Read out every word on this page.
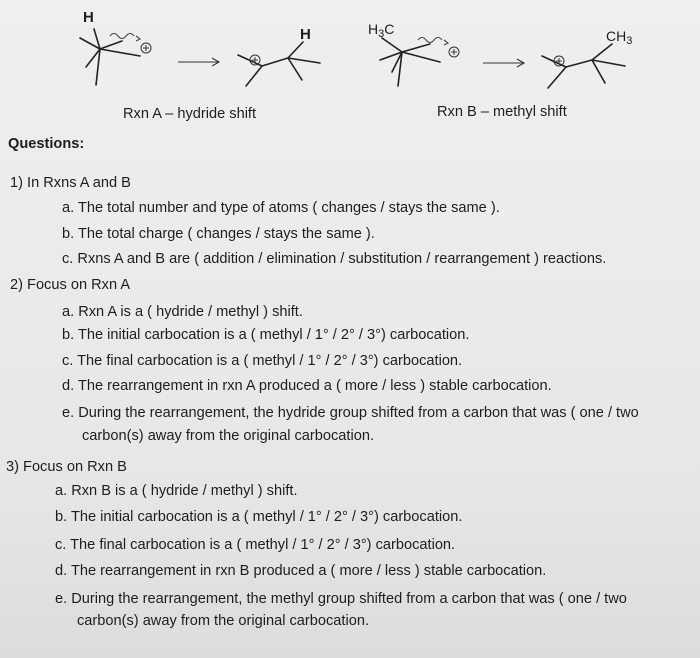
H
H	$H_3C$	$CH_3$
Rxn A – hydride shift	Rxn B – methyl shift
Questions:
1) In Rxns A and B
a. The total number and type of atoms ( changes / stays the same ).
b. The total charge ( changes / stays the same ).
c. Rxns A and B are ( addition / elimination / substitution / rearrangement ) reactions.
2) Focus on Rxn A
a. Rxn A is a ( hydride / methyl ) shift.
b. The initial carbocation is a ( methyl / 1° / 2° / 3°) carbocation.
c. The final carbocation is a ( methyl / 1° / 2° / 3°) carbocation.
d. The rearrangement in rxn A produced a ( more / less ) stable carbocation.
e. During the rearrangement, the hydride group shifted from a carbon that was ( one / two
carbon(s) away from the original carbocation.
3) Focus on Rxn B
a. Rxn B is a ( hydride / methyl ) shift.
b. The initial carbocation is a ( methyl / 1° / 2° / 3°) carbocation.
c. The final carbocation is a ( methyl / 1° / 2° / 3°) carbocation.
d. The rearrangement in rxn B produced a ( more / less ) stable carbocation.
e. During the rearrangement, the methyl group shifted from a carbon that was ( one / two
carbon(s) away from the original carbocation.
